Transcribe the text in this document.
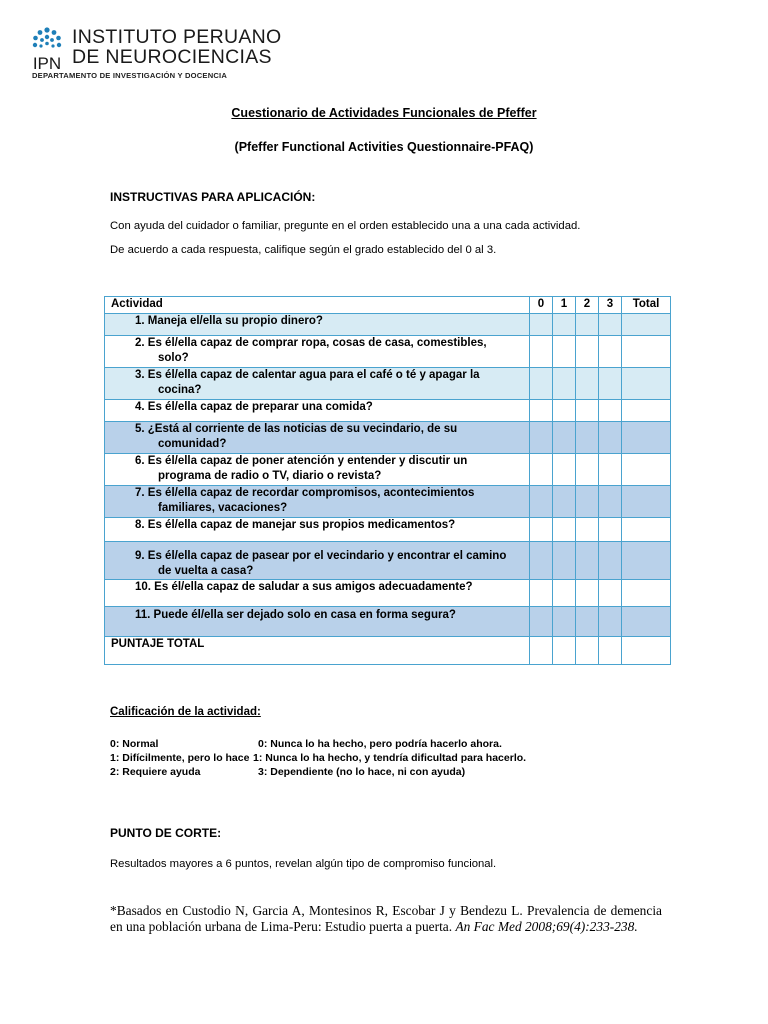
IPN
INSTITUTO PERUANO
DE NEUROCIENCIAS
DEPARTAMENTO DE INVESTIGACIÓN Y DOCENCIA
Cuestionario de Actividades Funcionales de Pfeffer
(Pfeffer Functional Activities Questionnaire-PFAQ)
INSTRUCTIVAS PARA APLICACIÓN:
Con ayuda del cuidador o familiar, pregunte en el orden establecido una a una cada actividad.
De acuerdo a cada respuesta, califique según el grado establecido del 0 al 3.
Actividad	0	1	2	3	Total

1. Maneja el/ella su propio dinero?					

2. Es él/ella capaz de comprar ropa, cosas de casa, comestibles,
solo?					

3. Es él/ella capaz de calentar agua para el café o té y apagar la
cocina?					

4. Es él/ella capaz de preparar una comida?					

5. ¿Está al corriente de las noticias de su vecindario, de su
comunidad?					

6. Es él/ella capaz de poner atención y entender y discutir un
programa de radio o TV, diario o revista?					

7. Es él/ella capaz de recordar compromisos, acontecimientos
familiares, vacaciones?					

8. Es él/ella capaz de manejar sus propios medicamentos?					

9. Es él/ella capaz de pasear por el vecindario y encontrar el camino
de vuelta a casa?					

10. Es él/ella capaz de saludar a sus amigos adecuadamente?					

11. Puede él/ella ser dejado solo en casa en forma segura?					

PUNTAJE TOTAL					
Calificación de la actividad:
0: Normal	0: Nunca lo ha hecho, pero podría hacerlo ahora.
1: Difícilmente, pero lo hace 1: Nunca lo ha hecho, y tendría dificultad para hacerlo.
2: Requiere ayuda	3: Dependiente (no lo hace, ni con ayuda)
PUNTO DE CORTE:
Resultados mayores a 6 puntos, revelan algún tipo de compromiso funcional.
*Basados en Custodio N, Garcia A, Montesinos R, Escobar J y Bendezu L. Prevalencia de demencia en una población urbana de Lima-Peru: Estudio puerta a puerta. An Fac Med 2008;69(4):233-238.
